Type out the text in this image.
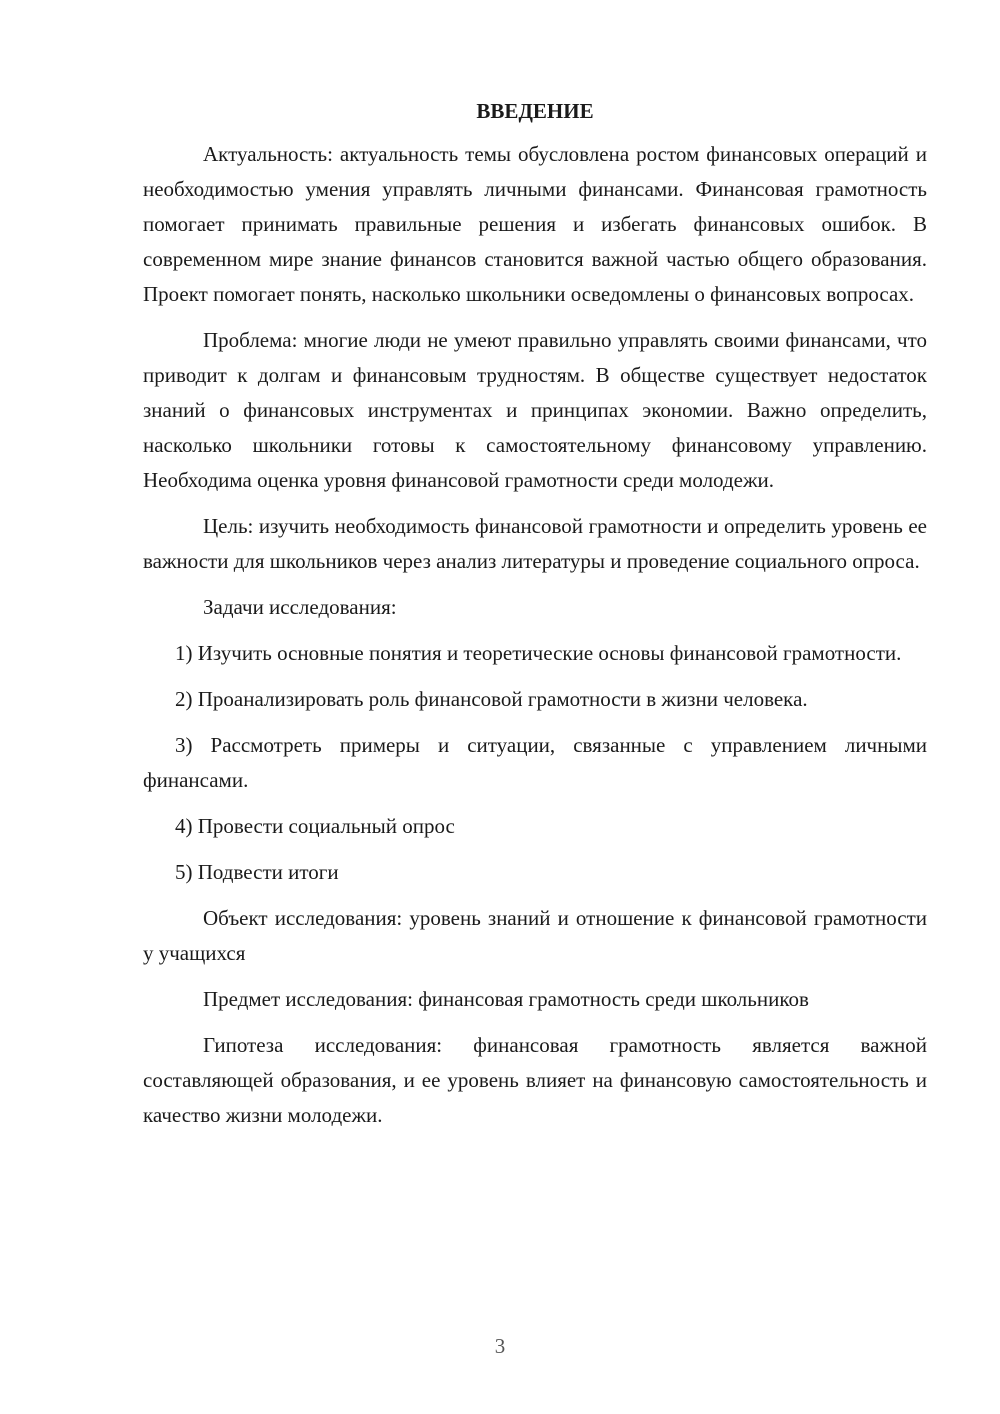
ВВЕДЕНИЕ

Актуальность: актуальность темы обусловлена ростом финансовых операций и необходимостью умения управлять личными финансами. Финансовая грамотность помогает принимать правильные решения и избегать финансовых ошибок. В современном мире знание финансов становится важной частью общего образования. Проект помогает понять, насколько школьники осведомлены о финансовых вопросах.

Проблема: многие люди не умеют правильно управлять своими финансами, что приводит к долгам и финансовым трудностям. В обществе существует недостаток знаний о финансовых инструментах и принципах экономии. Важно определить, насколько школьники готовы к самостоятельному финансовому управлению. Необходима оценка уровня финансовой грамотности среди молодежи.

Цель: изучить необходимость финансовой грамотности и определить уровень ее важности для школьников через анализ литературы и проведение социального опроса.

Задачи исследования:

1) Изучить основные понятия и теоретические основы финансовой грамотности.

2) Проанализировать роль финансовой грамотности в жизни человека.

3) Рассмотреть примеры и ситуации, связанные с управлением личными финансами.

4) Провести социальный опрос

5) Подвести итоги

Объект исследования: уровень знаний и отношение к финансовой грамотности у учащихся

Предмет исследования: финансовая грамотность среди школьников

Гипотеза исследования: финансовая грамотность является важной составляющей образования, и ее уровень влияет на финансовую самостоятельность и качество жизни молодежи.

3
